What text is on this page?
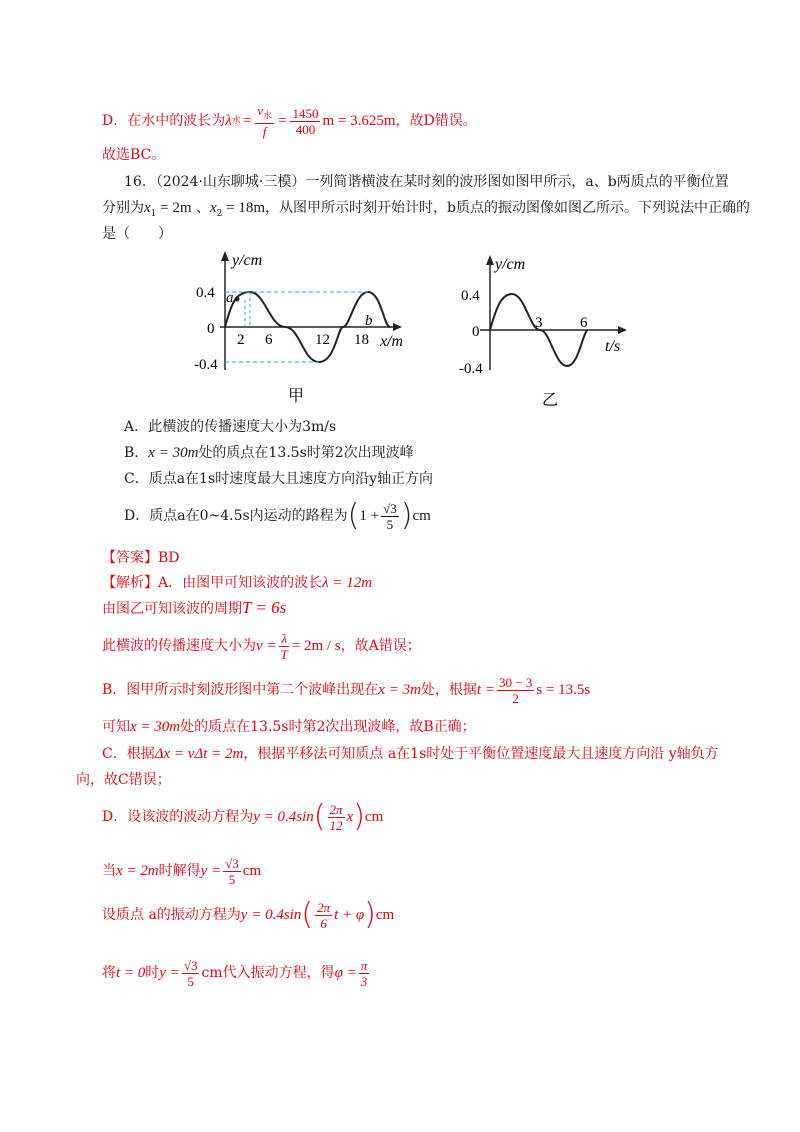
D．在水中的波长为 λ 水 = $\frac{v_水}{f} = \frac{1450}{400}$ m = 3.625m ，故D错误。
故选BC。
16．（2024·山东聊城·三模）一列简谐横波在某时刻的波形图如图甲所示，a、b两质点的平衡位置
分别为$x_1 = 2m$ 、$x_2 = 18m$，从图甲所示时刻开始计时，b质点的振动图像如图乙所示。下列说法中正确的
是（　　）
y/cm
x/m
a
b
0.4
0
-0.4
2 6	12 18
甲
y/cm
t/s
0.4
0
-0.4
3	6
乙
A．此横波的传播速度大小为3m/s
B．x = 30m处的质点在13.5s时第2次出现波峰
C．质点a在1s时速度最大且速度方向沿y轴正方向
D．质点a在0~4.5s内运动的路程为 ( $1 + \frac{√3}{5}$ ) cm
【答案】BD
【解析】A．由图甲可知该波的波长λ = 12m
由图乙可知该波的周期T = 6s
此横波的传播速度大小为 $v = \frac{\lambda}{T} = 2m / s$ ，故A错误；
B．图甲所示时刻波形图中第二个波峰出现在 x = 3m 处，根据 $t = \frac{30 - 3}{2}$ s = 13.5s
可知x = 30m处的质点在13.5s时第2次出现波峰，故B正确；
C．根据Δx = vΔt = 2m，根据平移法可知质点 a在1s时处于平衡位置速度最大且速度方向沿 y轴负方
向，故C错误；
D．设该波的波动方程为 y = 0.4sin ( $\frac{2\pi}{12}$ x ) cm
当 x = 2m 时解得 $y = \frac{√3}{5}$ cm
设质点 a的振动方程为 y = 0.4sin ( $\frac{2\pi}{6}$ t + φ ) cm
将 t = 0 时 $y = \frac{√3}{5}$ cm代入振动方程，得 $\varphi = \frac{\pi}{3}$
